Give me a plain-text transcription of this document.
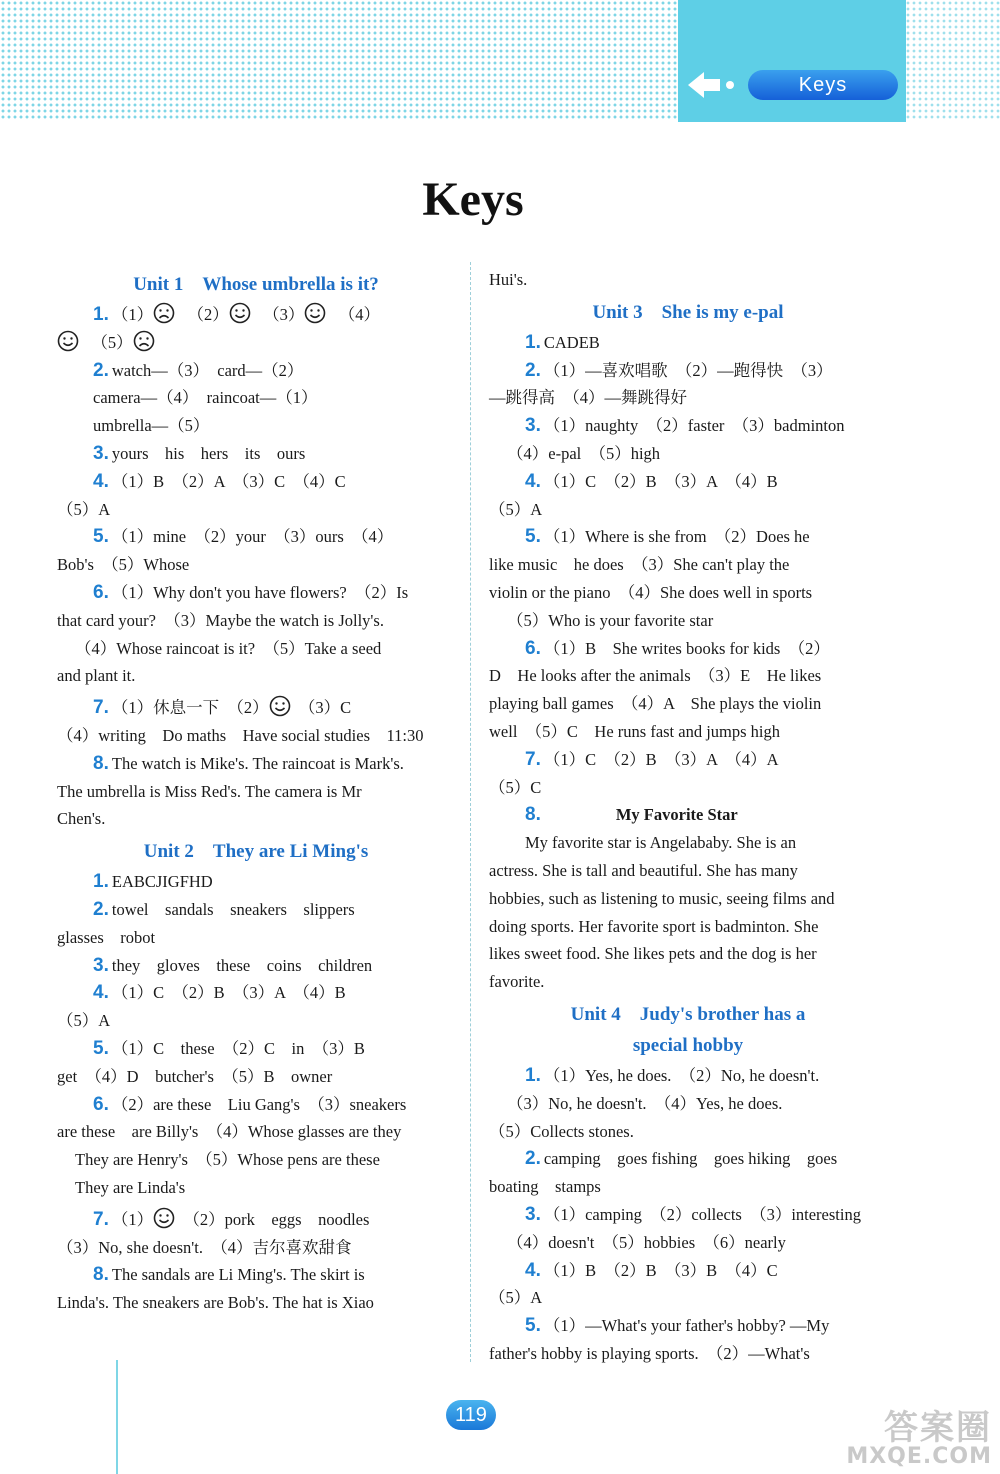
Keys
Keys

Unit 1　Whose umbrella is it?

1. （1） 　	（2） 　	（3） 　	（4）

　（5）

2. watch—（3）　card—（2）

camera—（4）　raincoat—（1）

umbrella—（5）

3. yours　his　hers　its　ours

4. （1）B　（2）A　（3）C　（4）C

（5）A

5. （1）mine　（2）your　（3）ours　（4）

Bob's　（5）Whose

6. （1）Why don't you have flowers?　（2）Is

that card your?　（3）Maybe the watch is Jolly's.

（4）Whose raincoat is it?　（5）Take a seed

and plant it.

7. （1）休息一下　（2）　 （3）C

（4）writing　Do maths　Have social studies　11:30

8. The watch is Mike's. The raincoat is Mark's.

The umbrella is Miss Red's. The camera is Mr

Chen's.

Unit 2　They are Li Ming's

1. EABCJIGFHD

2. towel　sandals　sneakers　slippers

glasses　robot

3. they　gloves　these　coins　children

4. （1）C　（2）B　（3）A　（4）B

（5）A

5. （1）C　these　（2）C　in　（3）B

get　（4）D　butcher's　（5）B　owner

6. （2）are these　Liu Gang's　（3）sneakers

are these　are Billy's　（4）Whose glasses are they

They are Henry's　（5）Whose pens are these

They are Linda's

7. （1）　 （2）pork　eggs　noodles

（3）No, she doesn't.　（4）吉尔喜欢甜食

8. The sandals are Li Ming's. The skirt is

Linda's. The sneakers are Bob's. The hat is Xiao

Hui's.

Unit 3　She is my e-pal

1. CADEB

2. （1）—喜欢唱歌　（2）—跑得快　（3）

—跳得高　（4）—舞跳得好

3. （1）naughty　（2）faster　（3）badminton

（4）e-pal　（5）high

4. （1）C　（2）B　（3）A　（4）B

（5）A

5. （1）Where is she from　（2）Does he

like music　he does　（3）She can't play the

violin or the piano　（4）She does well in sports

（5）Who is your favorite star

6. （1）B　She writes books for kids　（2）

D　He looks after the animals　（3）E　He likes

playing ball games　（4）A　She plays the violin

well　（5）C　He runs fast and jumps high

7. （1）C　（2）B　（3）A　（4）A

（5）C

8.	My Favorite Star

My favorite star is Angelababy. She is an

actress. She is tall and beautiful. She has many

hobbies, such as listening to music, seeing films and

doing sports. Her favorite sport is badminton. She

likes sweet food. She likes pets and the dog is her

favorite.

Unit 4　Judy's brother has a

special hobby

1. （1）Yes, he does.　（2）No, he doesn't.

（3）No, he doesn't.　（4）Yes, he does.

（5）Collects stones.

2. camping　goes fishing　goes hiking　goes

boating　stamps

3. （1）camping　（2）collects　（3）interesting

（4）doesn't　（5）hobbies　（6）nearly

4. （1）B　（2）B　（3）B　（4）C

（5）A

5. （1）—What's your father's hobby? —My

father's hobby is playing sports.　（2）—What's

119	答案圈
MXQE.COM
